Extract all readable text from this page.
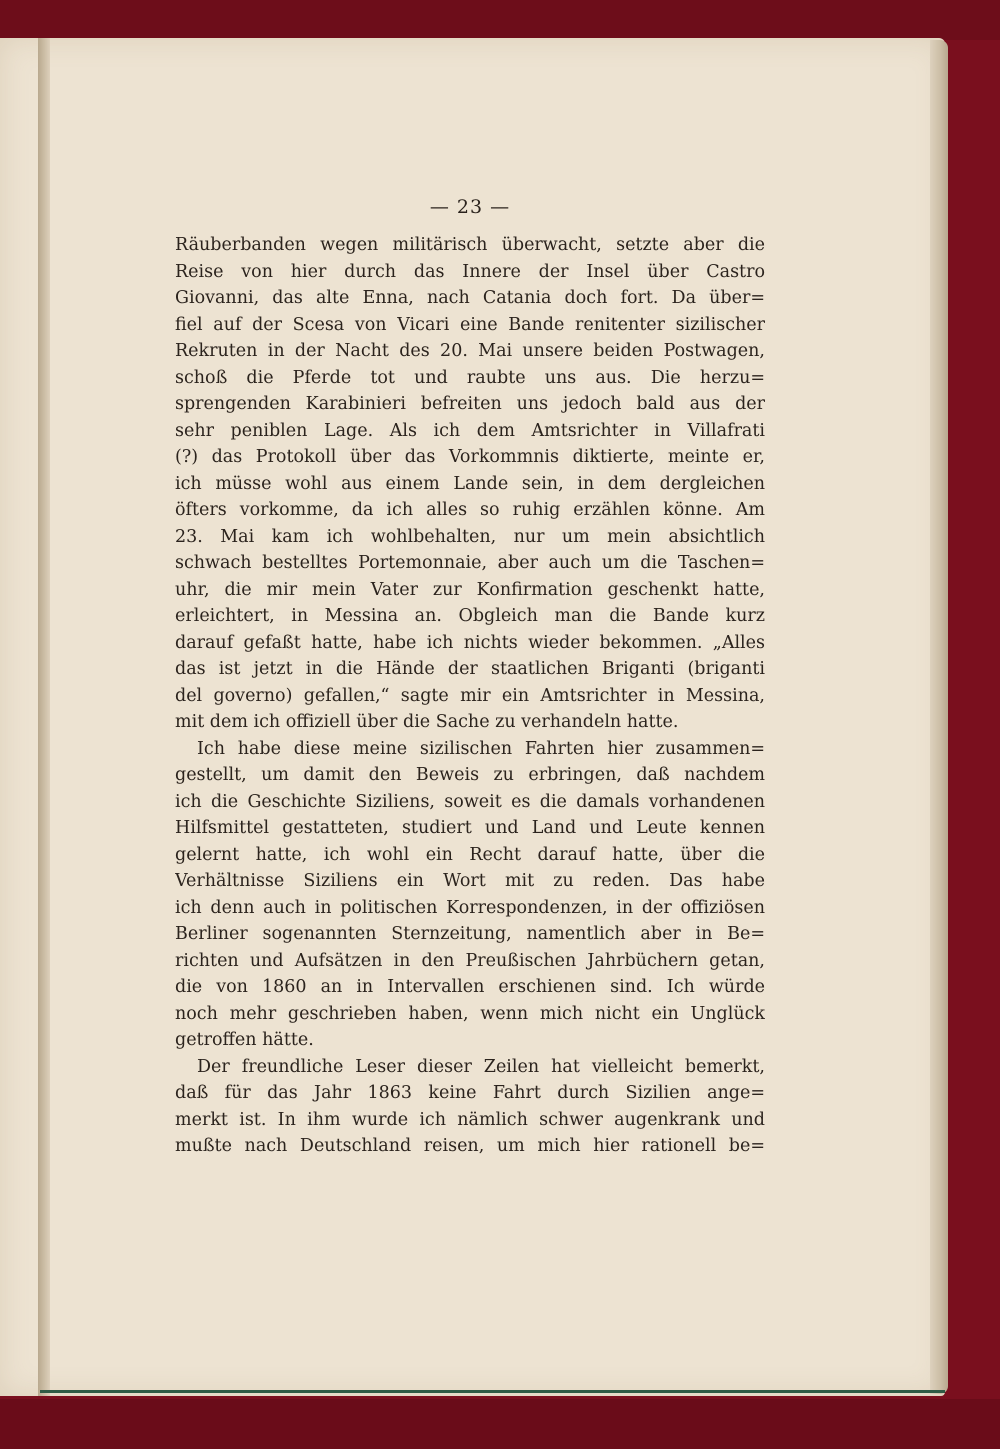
— 23 —
Räuberbanden wegen militärisch überwacht, setzte aber die
Reise von hier durch das Innere der Insel über Castro
Giovanni, das alte Enna, nach Catania doch fort. Da über=
fiel auf der Scesa von Vicari eine Bande renitenter sizilischer
Rekruten in der Nacht des 20. Mai unsere beiden Postwagen,
schoß die Pferde tot und raubte uns aus. Die herzu=
sprengenden Karabinieri befreiten uns jedoch bald aus der
sehr peniblen Lage. Als ich dem Amtsrichter in Villafrati
(?) das Protokoll über das Vorkommnis diktierte, meinte er,
ich müsse wohl aus einem Lande sein, in dem dergleichen
öfters vorkomme, da ich alles so ruhig erzählen könne. Am
23. Mai kam ich wohlbehalten, nur um mein absichtlich
schwach bestelltes Portemonnaie, aber auch um die Taschen=
uhr, die mir mein Vater zur Konfirmation geschenkt hatte,
erleichtert, in Messina an. Obgleich man die Bande kurz
darauf gefaßt hatte, habe ich nichts wieder bekommen. „Alles
das ist jetzt in die Hände der staatlichen Briganti (briganti
del governo) gefallen,“ sagte mir ein Amtsrichter in Messina,
mit dem ich offiziell über die Sache zu verhandeln hatte.
Ich habe diese meine sizilischen Fahrten hier zusammen=
gestellt, um damit den Beweis zu erbringen, daß nachdem
ich die Geschichte Siziliens, soweit es die damals vorhandenen
Hilfsmittel gestatteten, studiert und Land und Leute kennen
gelernt hatte, ich wohl ein Recht darauf hatte, über die
Verhältnisse Siziliens ein Wort mit zu reden. Das habe
ich denn auch in politischen Korrespondenzen, in der offiziösen
Berliner sogenannten Sternzeitung, namentlich aber in Be=
richten und Aufsätzen in den Preußischen Jahrbüchern getan,
die von 1860 an in Intervallen erschienen sind. Ich würde
noch mehr geschrieben haben, wenn mich nicht ein Unglück
getroffen hätte.
Der freundliche Leser dieser Zeilen hat vielleicht bemerkt,
daß für das Jahr 1863 keine Fahrt durch Sizilien ange=
merkt ist. In ihm wurde ich nämlich schwer augenkrank und
mußte nach Deutschland reisen, um mich hier rationell be=
